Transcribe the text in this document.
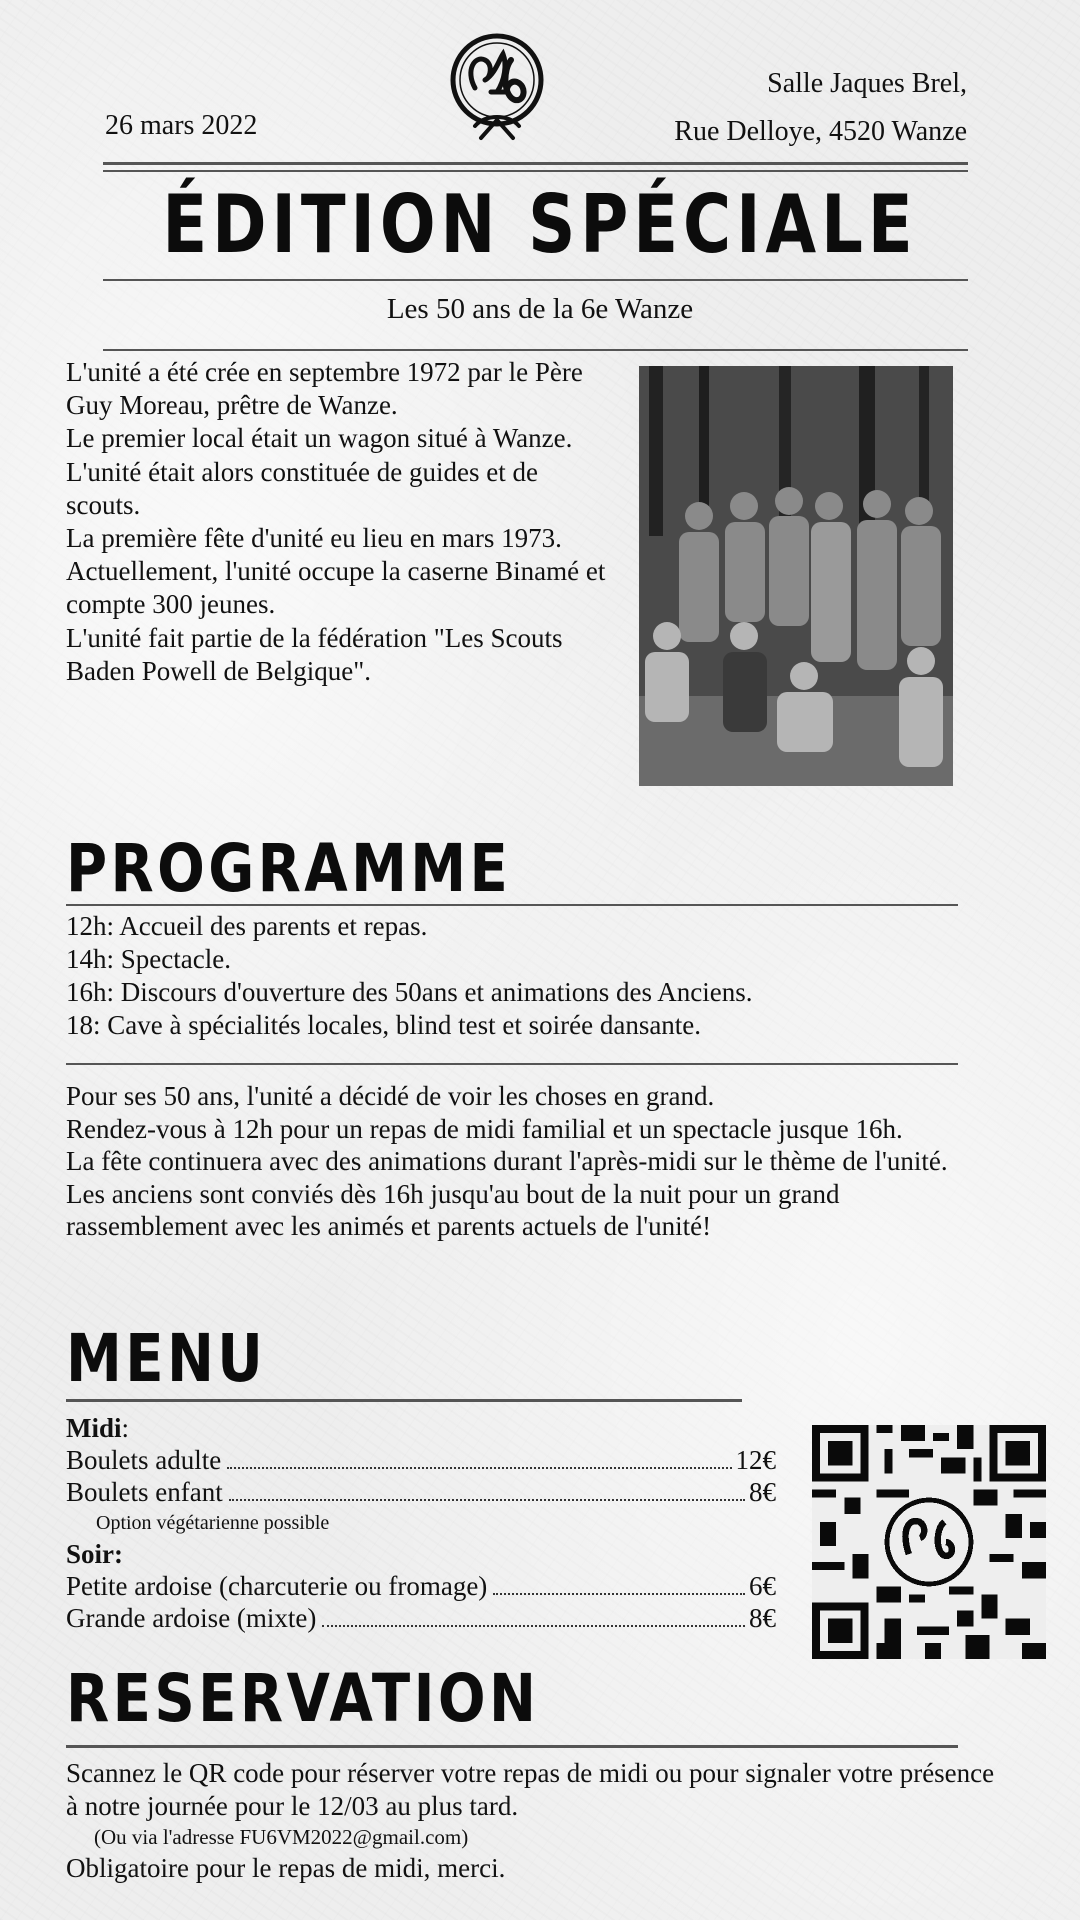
26 mars 2022
Salle Jaques Brel,
Rue Delloye, 4520 Wanze
ÉDITION SPÉCIALE
Les 50 ans de la 6e Wanze

L'unité a été crée en septembre 1972 par le Père Guy Moreau, prêtre de Wanze.

Le premier local était un wagon situé à Wanze. L'unité était alors constituée de guides et de scouts.

La première fête d'unité eu lieu en mars 1973.

Actuellement, l'unité occupe la caserne Binamé et compte 300 jeunes.

L'unité fait partie de la fédération "Les Scouts Baden Powell de Belgique".

PROGRAMME
12h: Accueil des parents et repas.
14h: Spectacle.
16h: Discours d'ouverture des 50ans et animations des Anciens.
18: Cave à spécialités locales, blind test et soirée dansante.

Pour ses 50 ans, l'unité a décidé de voir les choses en grand.

Rendez-vous à 12h pour un repas de midi familial et un spectacle jusque 16h.

La fête continuera avec des animations durant l'après-midi sur le thème de l'unité.

Les anciens sont conviés dès 16h jusqu'au bout de la nuit pour un grand rassemblement avec les animés et parents actuels de l'unité!

MENU
Midi:
Boulets adulte	12€
Boulets enfant	8€
Option végétarienne possible
Soir:
Petite ardoise (charcuterie ou fromage)	6€
Grande ardoise (mixte)	8€
RESERVATION

Scannez le QR code pour réserver votre repas de midi ou pour signaler votre présence à notre journée pour le 12/03 au plus tard.

(Ou via l'adresse FU6VM2022@gmail.com)

Obligatoire pour le repas de midi, merci.
